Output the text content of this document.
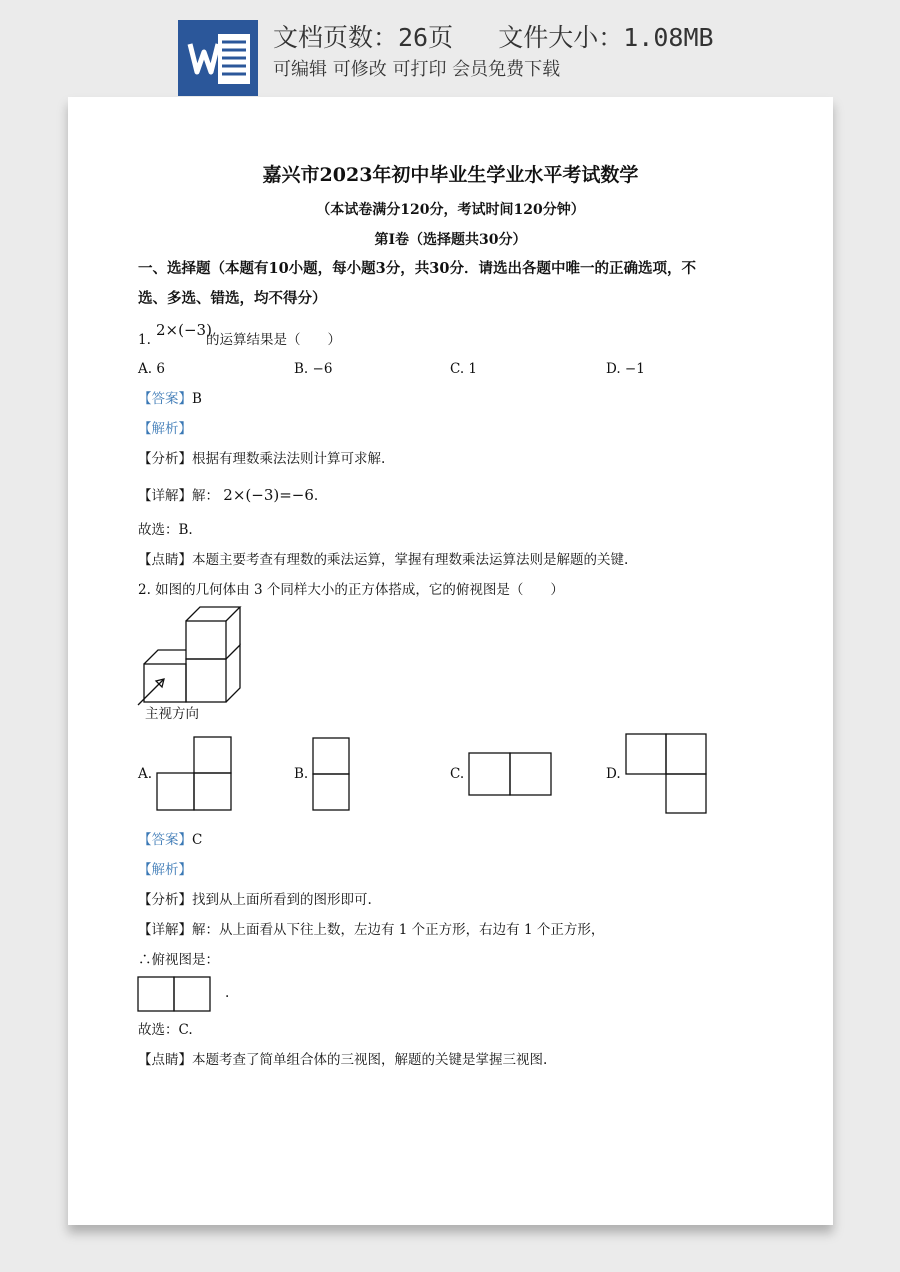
文档页数：26页   文件大小：1.08MB
可编辑 可修改 可打印 会员免费下载
嘉兴市2023年初中毕业生学业水平考试数学
（本试卷满分120分，考试时间120分钟）
第Ⅰ卷（选择题共30分）
一、选择题（本题有10小题，每小题3分，共30分．请选出各题中唯一的正确选项，不
选、多选、错选，均不得分）
1.
2×(−3)
的运算结果是（　　）
A. 6	B. −6	C. 1	D. −1
【答案】B
【解析】
【分析】根据有理数乘法法则计算可求解.
【详解】解： 2×(−3)=−6.
故选：B.
【点睛】本题主要考查有理数的乘法运算，掌握有理数乘法运算法则是解题的关键.
2. 如图的几何体由 3 个同样大小的正方体搭成，它的俯视图是（　　）
主视方向
A.	B.	C.	D.
【答案】C
【解析】
【分析】找到从上面所看到的图形即可.
【详解】解：从上面看从下往上数，左边有 1 个正方形，右边有 1 个正方形，
∴俯视图是：
.
故选：C.
【点睛】本题考查了简单组合体的三视图，解题的关键是掌握三视图.
